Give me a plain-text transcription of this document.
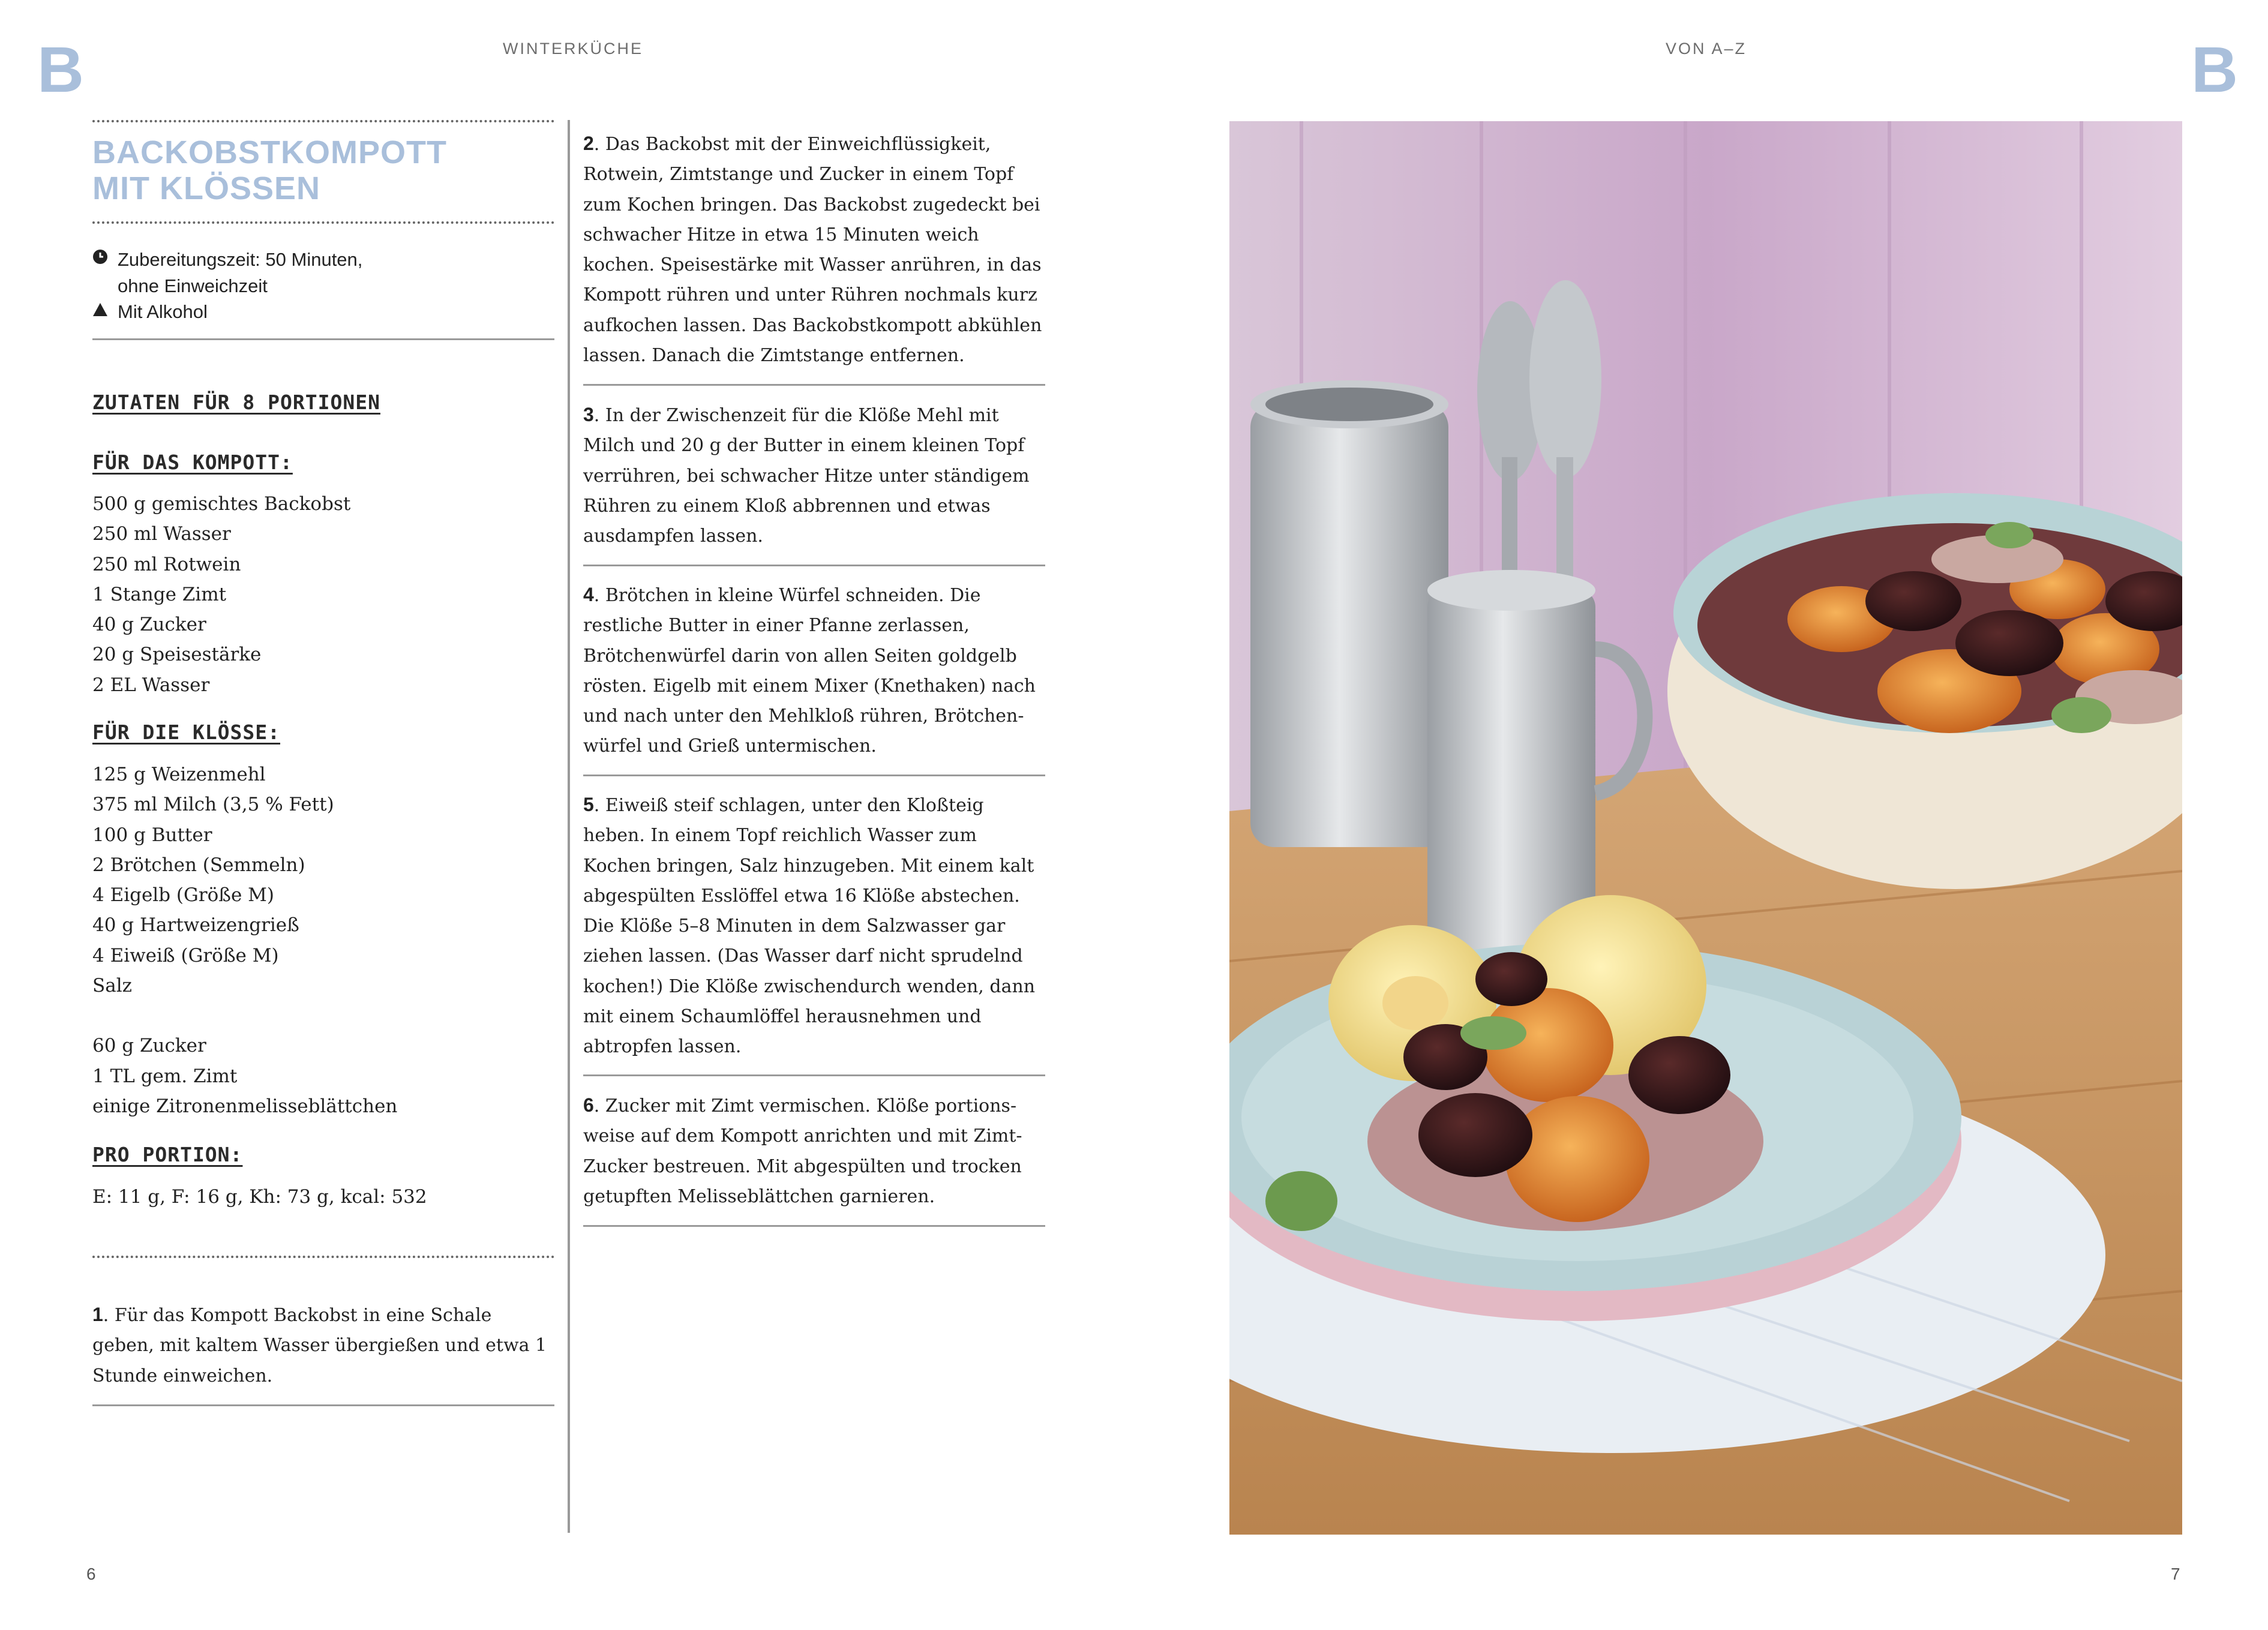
B	B
WINTERKÜCHE	VON A–Z
BACKOBSTKOMPOTT
MIT KLÖSSEN
Zubereitungszeit: 50 Minuten,
ohne Einweichzeit
Mit Alkohol
ZUTATEN FÜR 8 PORTIONEN
FÜR DAS KOMPOTT:
500 g gemischtes Backobst
250 ml Wasser
250 ml Rotwein
1 Stange Zimt
40 g Zucker
20 g Speisestärke
2 EL Wasser
FÜR DIE KLÖSSE:
125 g Weizenmehl
375 ml Milch (3,5 % Fett)
100 g Butter
2 Brötchen (Semmeln)
4 Eigelb (Größe M)
40 g Hartweizengrieß
4 Eiweiß (Größe M)
Salz
60 g Zucker
1 TL gem. Zimt
einige Zitronenmelisseblättchen
PRO PORTION:
E: 11 g, F: 16 g, Kh: 73 g, kcal: 532

1. Für das Kompott Backobst in eine Schale geben, mit kaltem Wasser übergießen und etwa 1 Stunde einweichen.

2. Das Backobst mit der Einweichflüssigkeit, Rotwein, Zimtstange und Zucker in einem Topf zum Kochen bringen. Das Backobst zugedeckt bei schwacher Hitze in etwa 15 Minuten weich kochen. Speisestärke mit Wasser anrühren, in das Kompott rühren und unter Rühren nochmals kurz aufkochen lassen. Das Backobstkompott abkühlen lassen. Danach die Zimtstange entfernen.

3. In der Zwischenzeit für die Klöße Mehl mit Milch und 20 g der Butter in einem kleinen Topf verrühren, bei schwacher Hitze unter ständigem Rühren zu einem Kloß abbrennen und etwas ausdampfen lassen.

4. Brötchen in kleine Würfel schneiden. Die restliche Butter in einer Pfanne zerlassen, Brötchenwürfel darin von allen Seiten goldgelb rösten. Eigelb mit einem Mixer (Knethaken) nach und nach unter den Mehlkloß rühren, Brötchenwürfel und Grieß untermischen.

5. Eiweiß steif schlagen, unter den Kloßteig heben. In einem Topf reichlich Wasser zum Kochen bringen, Salz hinzugeben. Mit einem kalt abgespülten Esslöffel etwa 16 Klöße abstechen. Die Klöße 5–8 Minuten in dem Salzwasser gar ziehen lassen. (Das Wasser darf nicht sprudelnd kochen!) Die Klöße zwischendurch wenden, dann mit einem Schaumlöffel herausnehmen und abtropfen lassen.

6. Zucker mit Zimt vermischen. Klöße portionsweise auf dem Kompott anrichten und mit Zimt-Zucker bestreuen. Mit abgespülten und trocken getupften Melisseblättchen garnieren.

6	7
